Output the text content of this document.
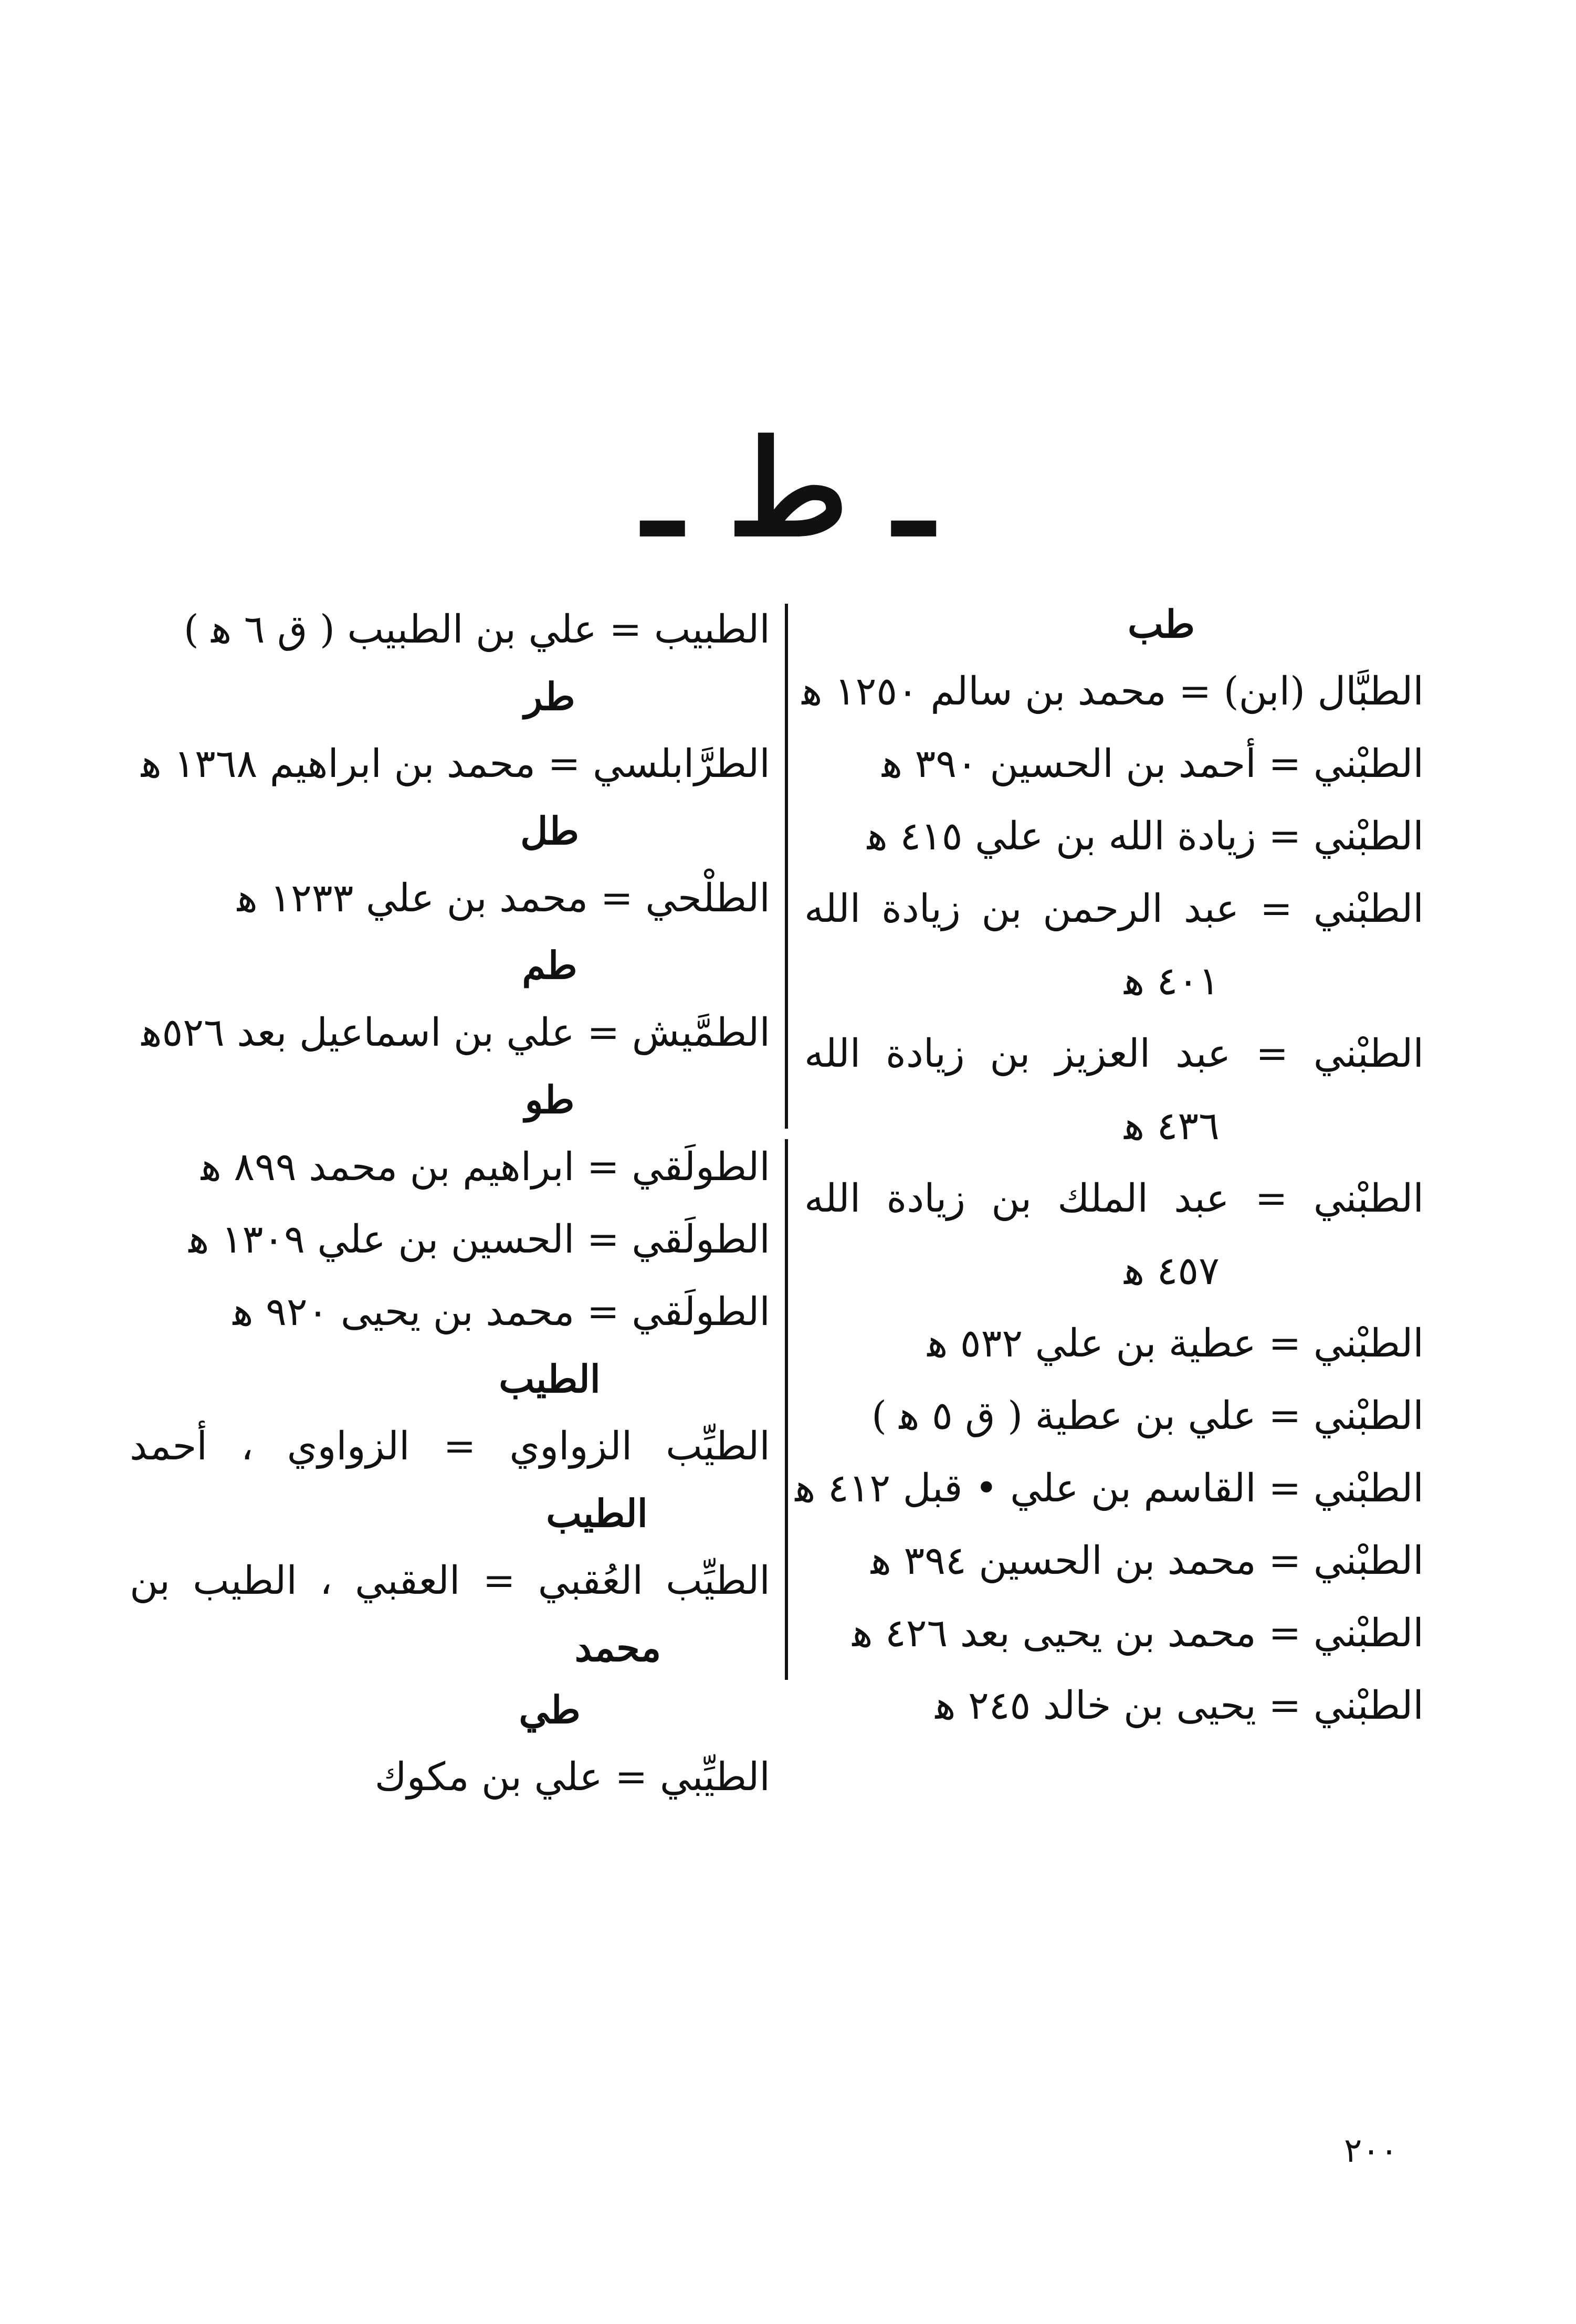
ـ ط ـ
طب
الطبَّال (ابن) = محمد بن سالم ١٢٥٠ ﻫ
الطبْني = أحمد بن الحسين ٣٩٠ ﻫ
الطبْني = زيادة الله بن علي ٤١٥ ﻫ
الطبْني = عبد الرحمن بن زيادة الله
٤٠١ ﻫ
الطبْني = عبد العزيز بن زيادة الله
٤٣٦ ﻫ
الطبْني = عبد الملك بن زيادة الله
٤٥٧ ﻫ
الطبْني = عطية بن علي ٥٣٢ ﻫ
الطبْني = علي بن عطية ( ق ٥ ﻫ )
الطبْني = القاسم بن علي • قبل ٤١٢ ﻫ
الطبْني = محمد بن الحسين ٣٩٤ ﻫ
الطبْني = محمد بن يحيى بعد ٤٢٦ ﻫ
الطبْني = يحيى بن خالد ٢٤٥ ﻫ
الطبيب = علي بن الطبيب ( ق ٦ ﻫ )
طر
الطرَّابلسي = محمد بن ابراهيم ١٣٦٨ ﻫ
طل
الطلْحي = محمد بن علي ١٢٣٣ ﻫ
طم
الطمَّيش = علي بن اسماعيل بعد ٥٢٦ﻫ
طو
الطولَقي = ابراهيم بن محمد ٨٩٩ ﻫ
الطولَقي = الحسين بن علي ١٣٠٩ ﻫ
الطولَقي = محمد بن يحيى ٩٢٠ ﻫ
الطيب
الطيِّب الزواوي = الزواوي ، أحمد
الطيب
الطيِّب العُقبي = العقبي ، الطيب بن
محمد
طي
الطيِّبي = علي بن مكوك
٢٠٠
